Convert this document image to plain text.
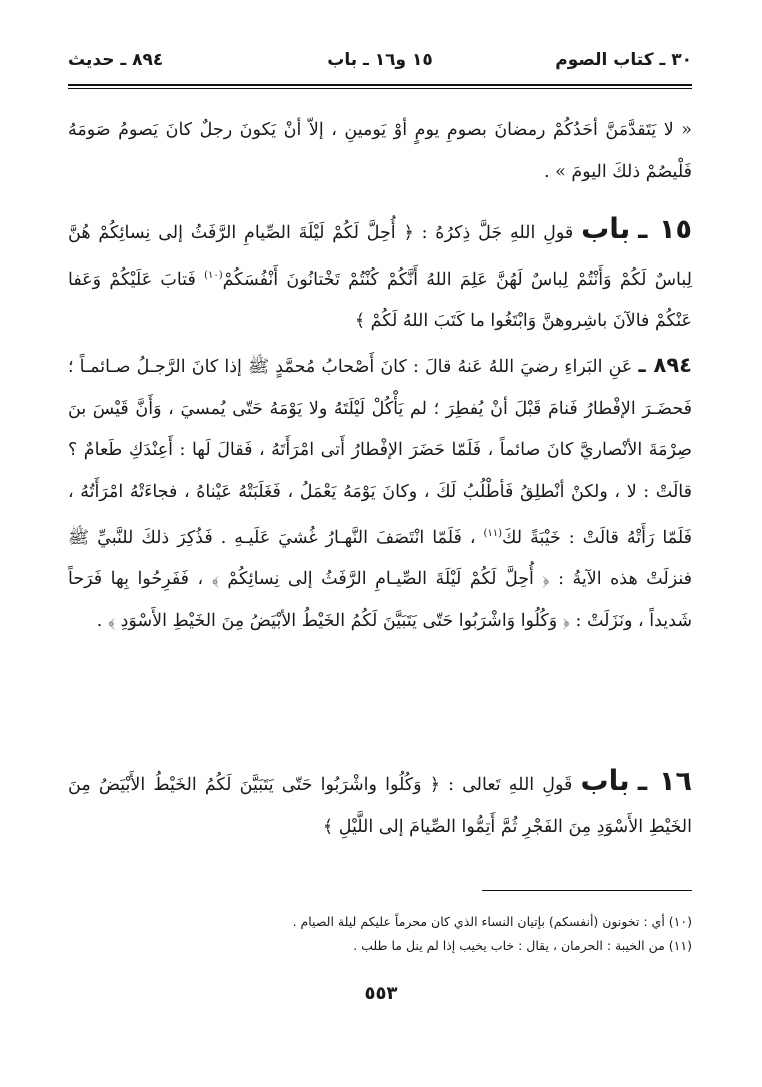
٣٠ ـ كتاب الصوم
١٥ و١٦ ـ باب
٨٩٤ ـ حديث

« لا يَتَقدَّمَنَّ أحَدُكُمْ رمضانَ بصومِ يومٍ أوْ يَومينِ ، إلاّ أنْ يَكونَ رجلٌ كانَ يَصومُ صَومَهُ فَلْيصُمْ ذلكَ اليومَ » .

١٥ ـ باب قولِ اللهِ جَلَّ ذِكرُهُ : ﴿ أُحِلَّ لَكُمْ لَيْلَةَ الصِّيامِ الرَّفَثُ إلى نِسائِكُمْ هُنَّ لِباسٌ لَكُمْ وَأَنْتُمْ لِباسٌ لَهُنَّ عَلِمَ اللهُ أَنَّكُمْ كُنْتُمْ تَخْتانُونَ أَنْفُسَكُمْ$^{(١٠)}$ فَتابَ عَلَيْكُمْ وَعَفا عَنْكُمْ فالآنَ باشِروهنَّ وَابْتَغُوا ما كَتَبَ اللهُ لَكُمْ ﴾

٨٩٤ ـ عَنِ البَراءِ رضيَ اللهُ عَنهُ قالَ : كانَ أَصْحابُ مُحمَّدٍ ﷺ إذا كانَ الرَّجـلُ صـائمـاً ؛ فَحضَـرَ الإفْطارُ فَنامَ قَبْلَ أنْ يُفطِرَ ؛ لم يَأْكُلْ لَيْلَتَهُ ولا يَوْمَهُ حَتّى يُمسيَ ، وَأَنَّ قَيْسَ بنَ صِرْمَةَ الأنْصاريَّ كانَ صائماً ، فَلَمّا حَضَرَ الإفْطارُ أَتى امْرَأَتَهُ ، فَقالَ لَها : أَعِنْدَكِ طَعامٌ ؟ قالَتْ : لا ، ولكنْ أنْطلِقُ فَأطْلُبُ لَكَ ، وكانَ يَوْمَهُ يَعْمَلُ ، فَغَلَبَتْهُ عَيْناهُ ، فجاءَتْهُ امْرَأَتُهُ ، فَلَمّا رَأَتْهُ قالَتْ : خَيْبَةً لكَ$^{(١١)}$ ، فَلَمّا انْتَصَفَ النَّهـارُ غُشيَ عَلَيـهِ . فَذُكِرَ ذلكَ للنَّبيِّ ﷺ فنزلَتْ هذه الآيةُ : ﴿ أُحِلَّ لَكُمْ لَيْلَةَ الصِّيـامِ الرَّفَثُ إلى نِسائِكُمْ ﴾ ، فَفَرِحُوا بِها فَرَحاً شَديداً ، ونَزَلَتْ : ﴿ وَكُلُوا وَاشْرَبُوا حَتّى يَتَبَيَّنَ لَكُمُ الخَيْطُ الأبْيَضُ مِنَ الخَيْطِ الأَسْوَدِ ﴾ .

١٦ ـ باب قَولِ اللهِ تَعالى : ﴿ وَكُلُوا واشْرَبُوا حَتّى يَتَبَيَّنَ لَكُمُ الخَيْطُ الأَبْيَضُ مِنَ الخَيْطِ الأَسْوَدِ مِنَ الفَجْرِ ثُمَّ أَتِمُّوا الصِّيامَ إلى اللَّيْلِ ﴾

(١٠) أي : تخونون (أنفسكم) بإتيان النساء الذي كان محرماً عليكم ليلة الصيام .

(١١) من الخيبة : الحرمان ، يقال : خاب يخيب إذا لم ينل ما طلب .

٥٥٣
